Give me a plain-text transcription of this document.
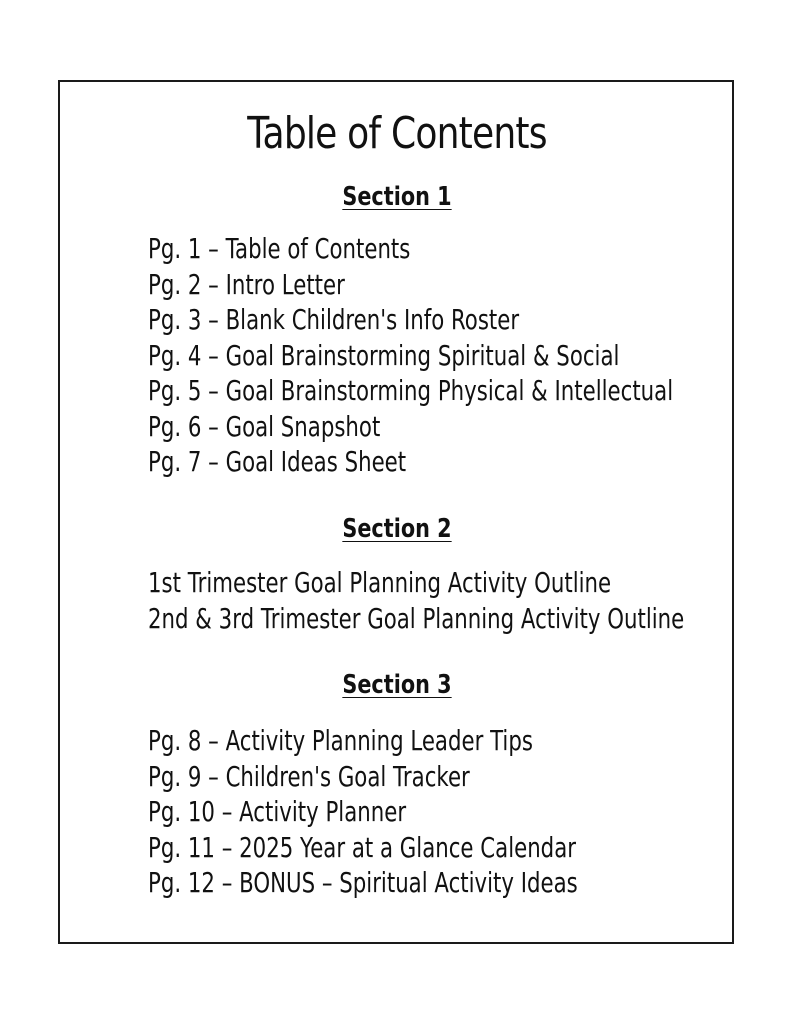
Table of Contents
Section 1
Pg. 1 – Table of Contents
Pg. 2 – Intro Letter
Pg. 3 – Blank Children's Info Roster
Pg. 4 – Goal Brainstorming Spiritual & Social
Pg. 5 – Goal Brainstorming Physical & Intellectual
Pg. 6 – Goal Snapshot
Pg. 7 – Goal Ideas Sheet
Section 2
1st Trimester Goal Planning Activity Outline
2nd & 3rd Trimester Goal Planning Activity Outline
Section 3
Pg. 8 – Activity Planning Leader Tips
Pg. 9 – Children's Goal Tracker
Pg. 10 – Activity Planner
Pg. 11 – 2025 Year at a Glance Calendar
Pg. 12 – BONUS – Spiritual Activity Ideas
